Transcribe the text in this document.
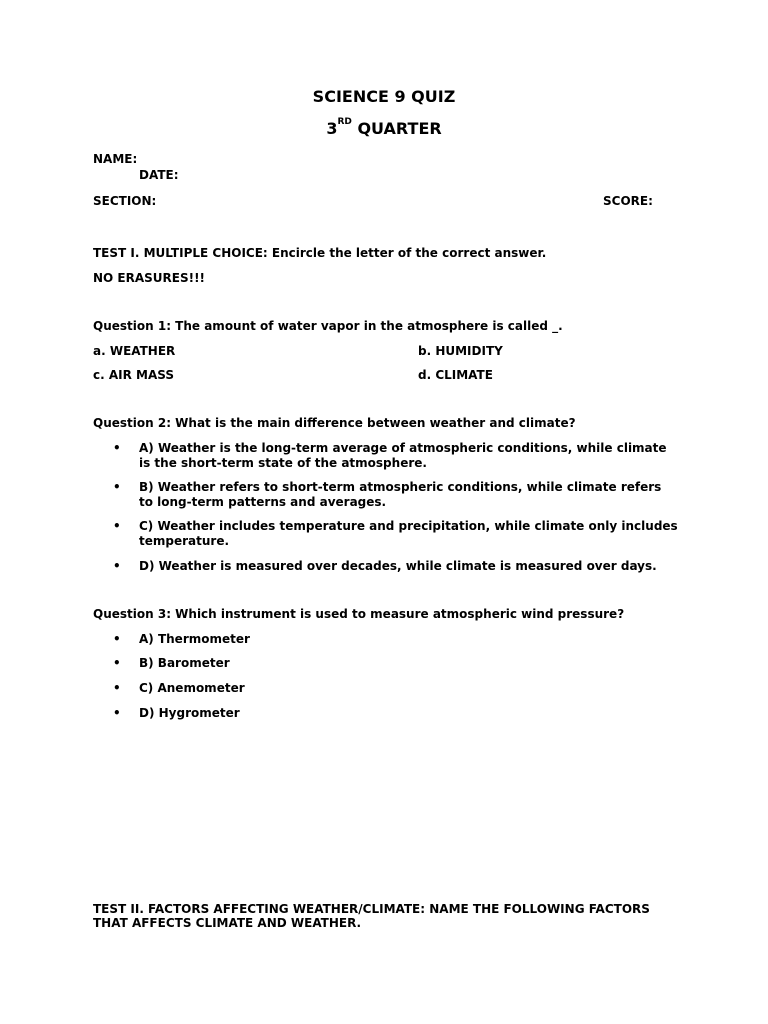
SCIENCE 9 QUIZ
3RD QUARTER
NAME:
DATE:
SECTION:	SCORE:
TEST I. MULTIPLE CHOICE: Encircle the letter of the correct answer.
NO ERASURES!!!
Question 1: The amount of water vapor in the atmosphere is called _.
a. WEATHER	b. HUMIDITY
c. AIR MASS	d. CLIMATE
Question 2: What is the main difference between weather and climate?
• A) Weather is the long-term average of atmospheric conditions, while climate is the short-term state of the atmosphere.
• B) Weather refers to short-term atmospheric conditions, while climate refers to long-term patterns and averages.
• C) Weather includes temperature and precipitation, while climate only includes temperature.
• D) Weather is measured over decades, while climate is measured over days.
Question 3: Which instrument is used to measure atmospheric wind pressure?
• A) Thermometer
• B) Barometer
• C) Anemometer
• D) Hygrometer
TEST II. FACTORS AFFECTING WEATHER/CLIMATE: NAME THE FOLLOWING FACTORS THAT AFFECTS CLIMATE AND WEATHER.
